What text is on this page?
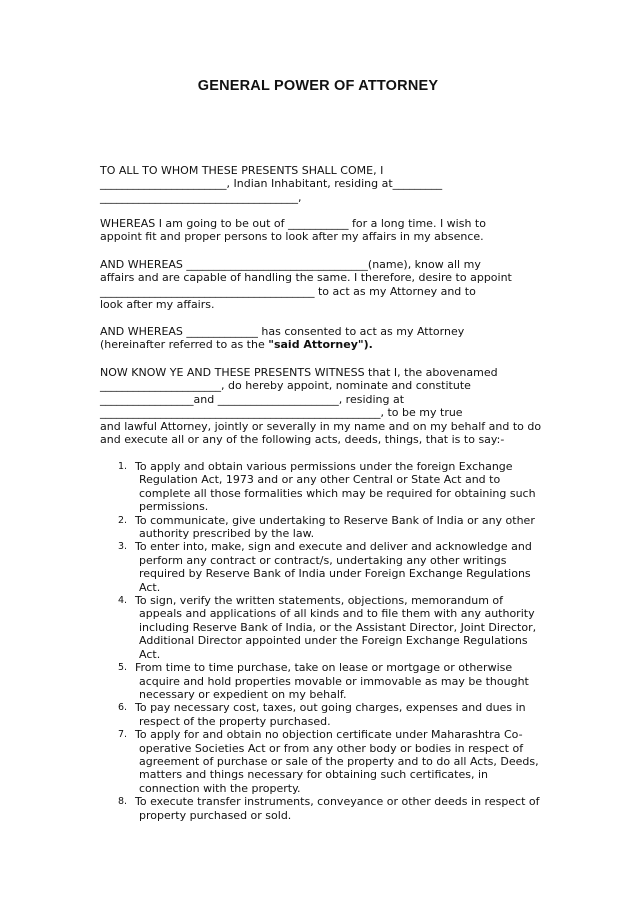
GENERAL POWER OF ATTORNEY

TO ALL TO WHOM THESE PRESENTS SHALL COME, I
_______________________, Indian Inhabitant, residing at_________
____________________________________,

WHEREAS I am going to be out of ___________ for a long time. I wish to
appoint fit and proper persons to look after my affairs in my absence.

AND WHEREAS _________________________________(name), know all my
affairs and are capable of handling the same. I therefore, desire to appoint
_______________________________________ to act as my Attorney and to
look after my affairs.

AND WHEREAS _____________ has consented to act as my Attorney
(hereinafter referred to as the "said Attorney").

NOW KNOW YE AND THESE PRESENTS WITNESS that I, the abovenamed
______________________, do hereby appoint, nominate and constitute
_________________and ______________________, residing at
___________________________________________________, to be my true
and lawful Attorney, jointly or severally in my name and on my behalf and to do
and execute all or any of the following acts, deeds, things, that is to say:-

1. To apply and obtain various permissions under the foreign Exchange
Regulation Act, 1973 and or any other Central or State Act and to
complete all those formalities which may be required for obtaining such
permissions.
2. To communicate, give undertaking to Reserve Bank of India or any other
authority prescribed by the law.
3. To enter into, make, sign and execute and deliver and acknowledge and
perform any contract or contract/s, undertaking any other writings
required by Reserve Bank of India under Foreign Exchange Regulations
Act.
4. To sign, verify the written statements, objections, memorandum of
appeals and applications of all kinds and to file them with any authority
including Reserve Bank of India, or the Assistant Director, Joint Director,
Additional Director appointed under the Foreign Exchange Regulations
Act.
5. From time to time purchase, take on lease or mortgage or otherwise
acquire and hold properties movable or immovable as may be thought
necessary or expedient on my behalf.
6. To pay necessary cost, taxes, out going charges, expenses and dues in
respect of the property purchased.
7. To apply for and obtain no objection certificate under Maharashtra Co-
operative Societies Act or from any other body or bodies in respect of
agreement of purchase or sale of the property and to do all Acts, Deeds,
matters and things necessary for obtaining such certificates, in
connection with the property.
8. To execute transfer instruments, conveyance or other deeds in respect of
property purchased or sold.
